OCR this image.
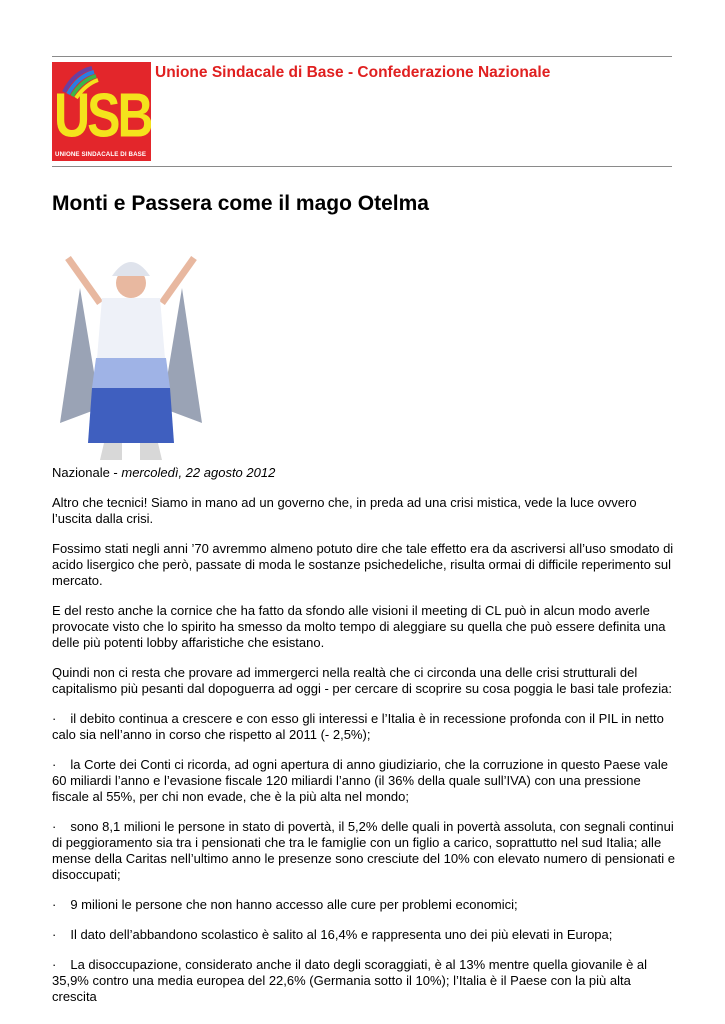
USB
UNIONE SINDACALE DI BASE
Unione Sindacale di Base - Confederazione Nazionale
Monti e Passera come il mago Otelma
Nazionale - mercoledì, 22 agosto 2012

Altro che tecnici! Siamo in mano ad un governo che, in preda ad una crisi mistica, vede la luce ovvero l’uscita dalla crisi.

Fossimo stati negli anni ’70 avremmo almeno potuto dire che tale effetto era da ascriversi all’uso smodato di acido lisergico che però, passate di moda le sostanze psichedeliche, risulta ormai di difficile reperimento sul mercato.

E del resto anche la cornice che ha fatto da sfondo alle visioni il meeting di CL può in alcun modo averle provocate visto che lo spirito ha smesso da molto tempo di aleggiare su quella che può essere definita una delle più potenti lobby affaristiche che esistano.

Quindi non ci resta che provare ad immergerci nella realtà che ci circonda una delle crisi strutturali del capitalismo più pesanti dal dopoguerra ad oggi - per cercare di scoprire su cosa poggia le basi tale profezia:

· il debito continua a crescere e con esso gli interessi e l’Italia è in recessione profonda con il PIL in netto calo sia nell’anno in corso che rispetto al 2011 (- 2,5%);

· la Corte dei Conti ci ricorda, ad ogni apertura di anno giudiziario, che la corruzione in questo Paese vale 60 miliardi l’anno e l’evasione fiscale 120 miliardi l’anno (il 36% della quale sull’IVA) con una pressione fiscale al 55%, per chi non evade, che è la più alta nel mondo;

· sono 8,1 milioni le persone in stato di povertà, il 5,2% delle quali in povertà assoluta, con segnali continui di peggioramento sia tra i pensionati che tra le famiglie con un figlio a carico, soprattutto nel sud Italia; alle mense della Caritas nell’ultimo anno le presenze sono cresciute del 10% con elevato numero di pensionati e disoccupati;

· 9 milioni le persone che non hanno accesso alle cure per problemi economici;

· Il dato dell’abbandono scolastico è salito al 16,4% e rappresenta uno dei più elevati in Europa;

· La disoccupazione, considerato anche il dato degli scoraggiati, è al 13% mentre quella giovanile è al 35,9% contro una media europea del 22,6% (Germania sotto il 10%); l’Italia è il Paese con la più alta crescita
